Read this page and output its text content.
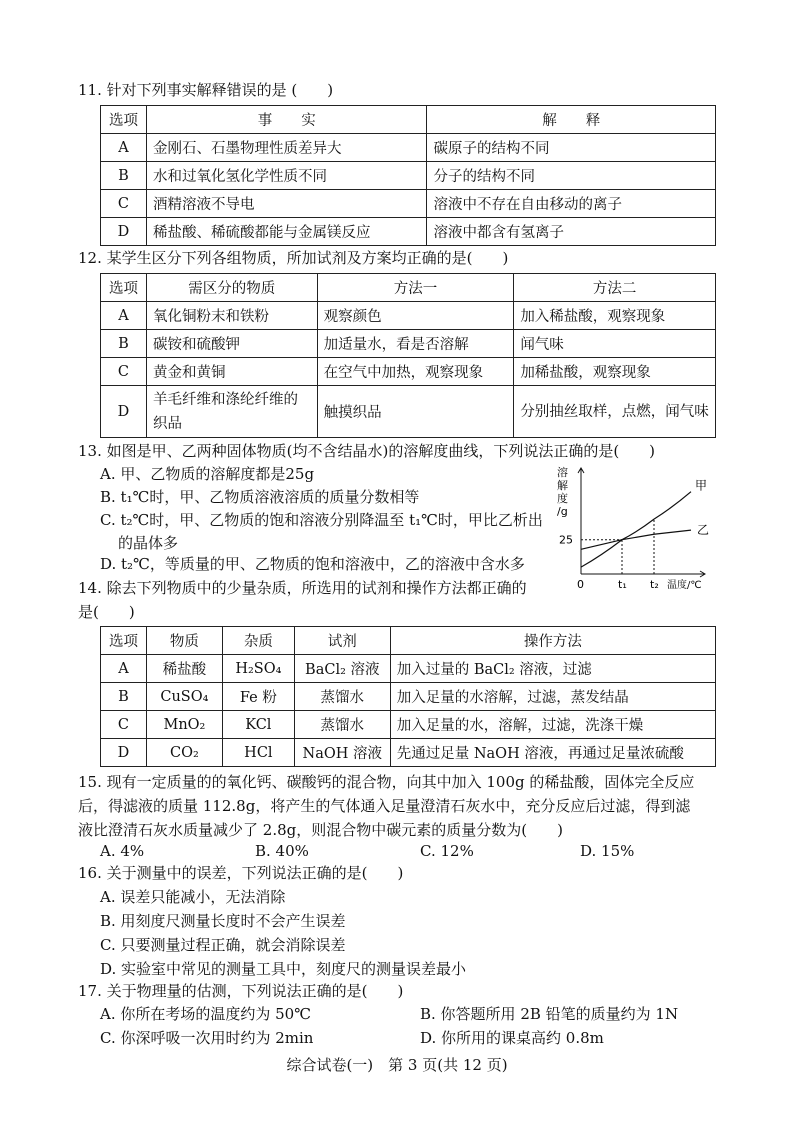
11. 针对下列事实解释错误的是 (　　)
选项	事　　实	解　　释
A	金刚石、石墨物理性质差异大	碳原子的结构不同
B	水和过氧化氢化学性质不同	分子的结构不同
C	酒精溶液不导电	溶液中不存在自由移动的离子
D	稀盐酸、稀硫酸都能与金属镁反应	溶液中都含有氢离子
12. 某学生区分下列各组物质，所加试剂及方案均正确的是(　　)
选项	需区分的物质	方法一	方法二
A	氧化铜粉末和铁粉	观察颜色	加入稀盐酸，观察现象
B	碳铵和硫酸钾	加适量水，看是否溶解	闻气味
C	黄金和黄铜	在空气中加热，观察现象	加稀盐酸，观察现象
D	羊毛纤维和涤纶纤维的织品	触摸织品	分别抽丝取样，点燃，闻气味
13. 如图是甲、乙两种固体物质(均不含结晶水)的溶解度曲线，下列说法正确的是(　　)
A. 甲、乙物质的溶解度都是25g
B. t₁℃时，甲、乙物质溶液溶质的质量分数相等
C. t₂℃时，甲、乙物质的饱和溶液分别降温至 t₁℃时，甲比乙析出
的晶体多
D. t₂℃，等质量的甲、乙物质的饱和溶液中，乙的溶液中含水多
溶解度/g
0
25
t₁ t₂ 温度/℃
甲
乙
14. 除去下列物质中的少量杂质，所选用的试剂和操作方法都正确的
是(　　)
选项	物质	杂质	试剂	操作方法
A	稀盐酸	H₂SO₄	BaCl₂ 溶液	加入过量的 BaCl₂ 溶液，过滤
B	CuSO₄	Fe 粉	蒸馏水	加入足量的水溶解，过滤，蒸发结晶
C	MnO₂	KCl	蒸馏水	加入足量的水，溶解，过滤，洗涤干燥
D	CO₂	HCl	NaOH 溶液	先通过足量 NaOH 溶液，再通过足量浓硫酸
15. 现有一定质量的的氧化钙、碳酸钙的混合物，向其中加入 100g 的稀盐酸，固体完全反应
后，得滤液的质量 112.8g，将产生的气体通入足量澄清石灰水中，充分反应后过滤，得到滤
液比澄清石灰水质量减少了 2.8g，则混合物中碳元素的质量分数为(　　)
A. 4%	B. 40%	C. 12%	D. 15%
16. 关于测量中的误差，下列说法正确的是(　　)
A. 误差只能减小，无法消除
B. 用刻度尺测量长度时不会产生误差
C. 只要测量过程正确，就会消除误差
D. 实验室中常见的测量工具中，刻度尺的测量误差最小
17. 关于物理量的估测，下列说法正确的是(　　)
A. 你所在考场的温度约为 50℃	B. 你答题所用 2B 铅笔的质量约为 1N
C. 你深呼吸一次用时约为 2min	D. 你所用的课桌高约 0.8m
综合试卷(一)　第 3 页(共 12 页)
